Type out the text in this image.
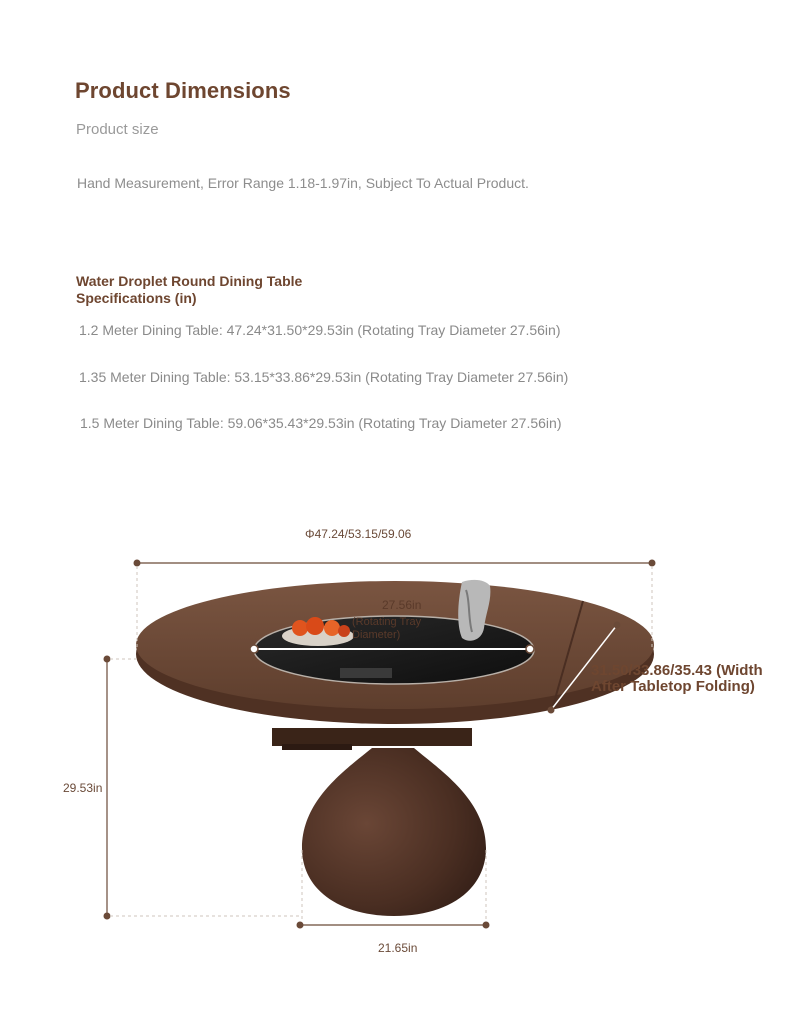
Product Dimensions
Product size
Hand Measurement, Error Range 1.18-1.97in, Subject To Actual Product.
Water Droplet Round Dining Table Specifications (in)
1.2 Meter Dining Table: 47.24*31.50*29.53in (Rotating Tray Diameter 27.56in)
1.35 Meter Dining Table: 53.15*33.86*29.53in (Rotating Tray Diameter 27.56in)
1.5 Meter Dining Table: 59.06*35.43*29.53in (Rotating Tray Diameter 27.56in)
Φ47.24/53.15/59.06
27.56in
(Rotating Tray Diameter)
31.50/33.86/35.43 (Width After Tabletop Folding)
29.53in
21.65in
